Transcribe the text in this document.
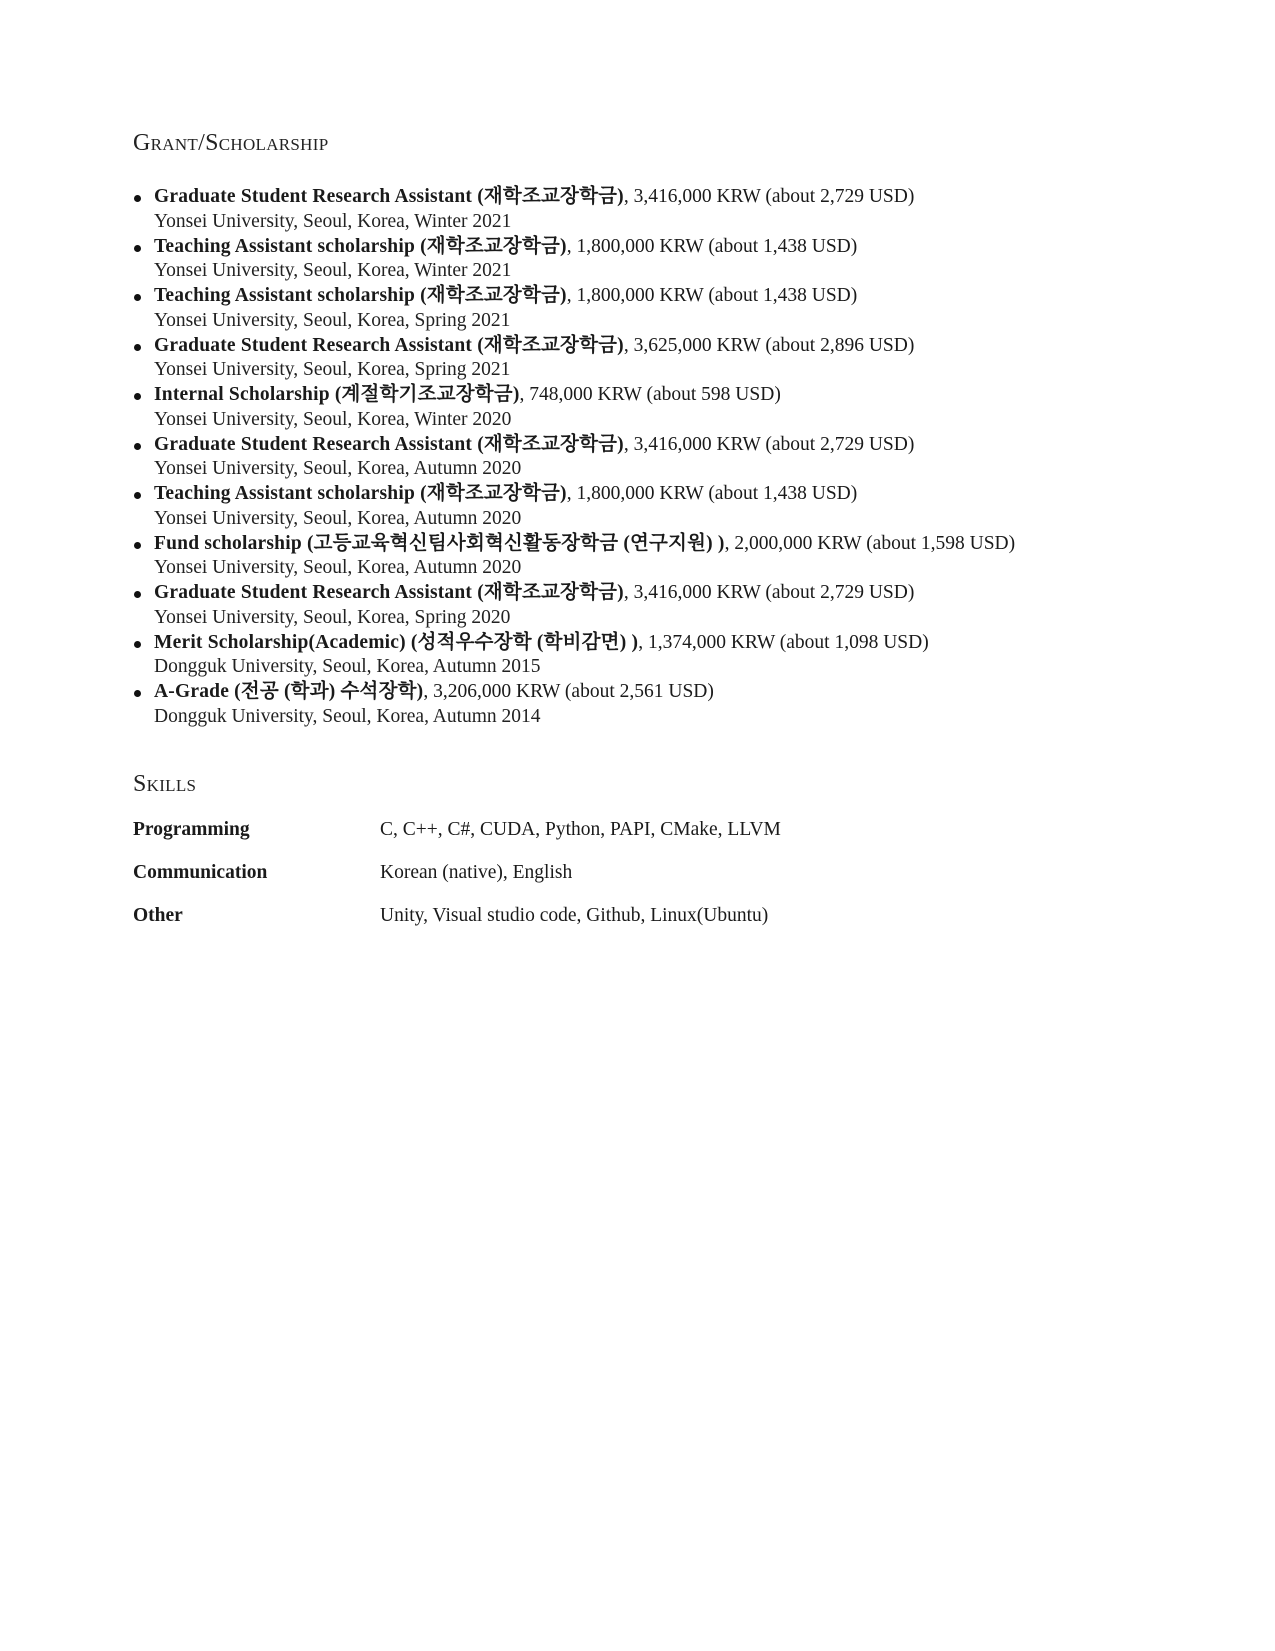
Grant/Scholarship
Graduate Student Research Assistant (재학조교장학금), 3,416,000 KRW (about 2,729 USD)
Yonsei University, Seoul, Korea, Winter 2021
Teaching Assistant scholarship (재학조교장학금), 1,800,000 KRW (about 1,438 USD)
Yonsei University, Seoul, Korea, Winter 2021
Teaching Assistant scholarship (재학조교장학금), 1,800,000 KRW (about 1,438 USD)
Yonsei University, Seoul, Korea, Spring 2021
Graduate Student Research Assistant (재학조교장학금), 3,625,000 KRW (about 2,896 USD)
Yonsei University, Seoul, Korea, Spring 2021
Internal Scholarship (계절학기조교장학금), 748,000 KRW (about 598 USD)
Yonsei University, Seoul, Korea, Winter 2020
Graduate Student Research Assistant (재학조교장학금), 3,416,000 KRW (about 2,729 USD)
Yonsei University, Seoul, Korea, Autumn 2020
Teaching Assistant scholarship (재학조교장학금), 1,800,000 KRW (about 1,438 USD)
Yonsei University, Seoul, Korea, Autumn 2020
Fund scholarship (고등교육혁신팀사회혁신활동장학금 (연구지원) ), 2,000,000 KRW (about 1,598 USD)
Yonsei University, Seoul, Korea, Autumn 2020
Graduate Student Research Assistant (재학조교장학금), 3,416,000 KRW (about 2,729 USD)
Yonsei University, Seoul, Korea, Spring 2020
Merit Scholarship(Academic) (성적우수장학 (학비감면) ), 1,374,000 KRW (about 1,098 USD)
Dongguk University, Seoul, Korea, Autumn 2015
A-Grade (전공 (학과) 수석장학), 3,206,000 KRW (about 2,561 USD)
Dongguk University, Seoul, Korea, Autumn 2014
Skills
Programming	C, C++, C#, CUDA, Python, PAPI, CMake, LLVM
Communication	Korean (native), English
Other	Unity, Visual studio code, Github, Linux(Ubuntu)
